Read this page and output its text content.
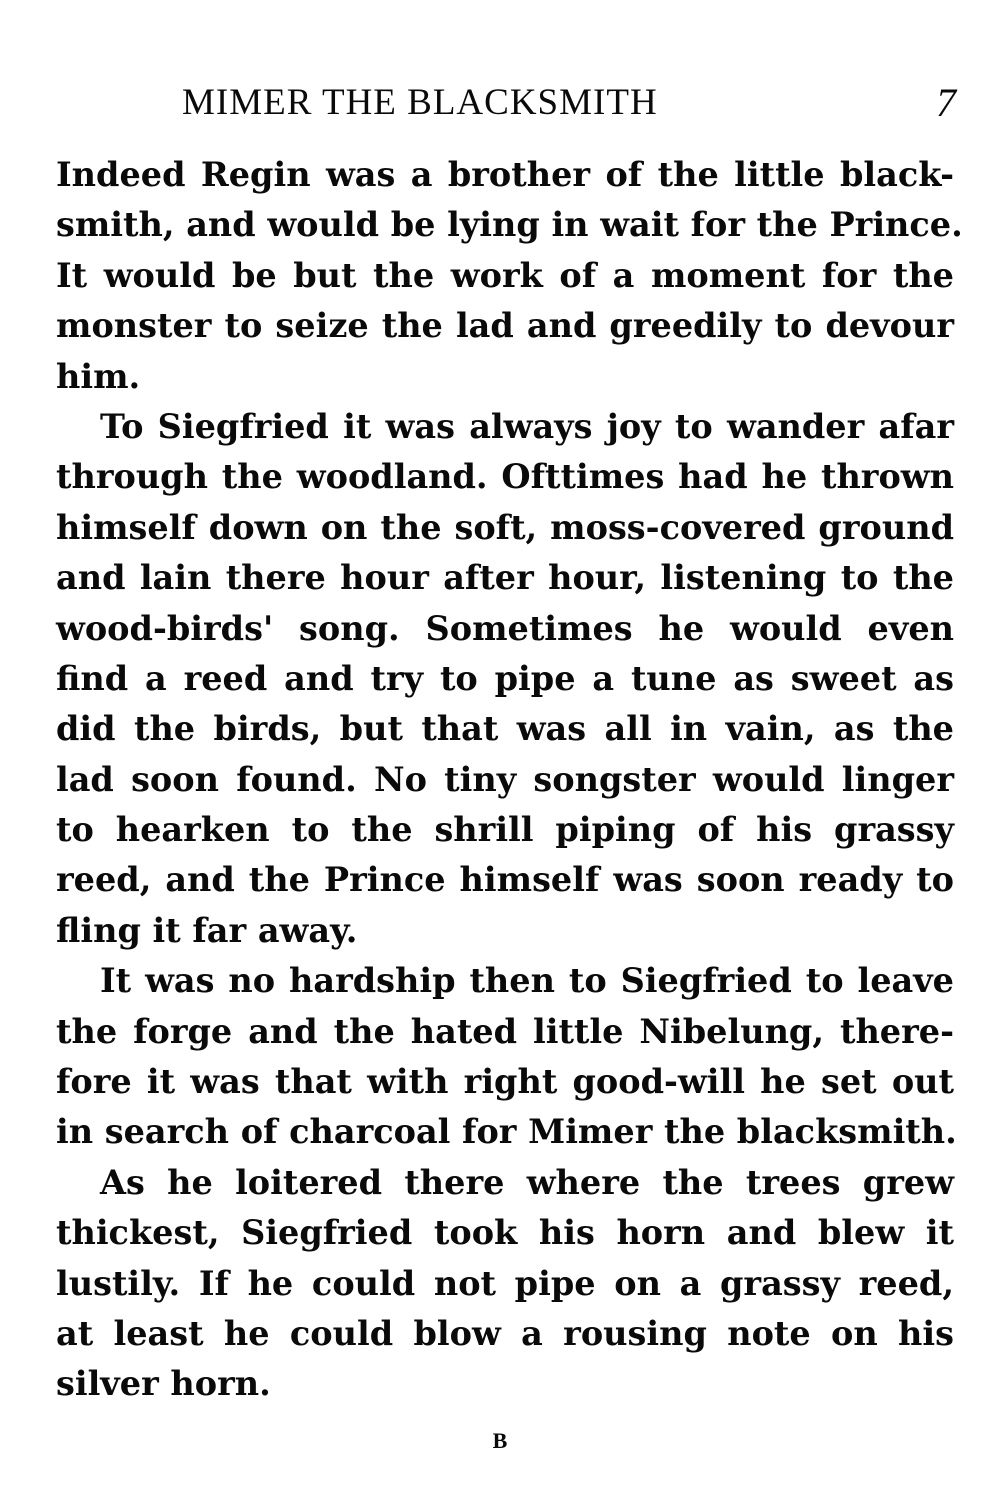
MIMER THE BLACKSMITH	7

Indeed Regin was a brother of the little black-
smith, and would be lying in wait for the Prince.
It would be but the work of a moment for the
monster to seize the lad and greedily to devour
him.

To Siegfried it was always joy to wander afar
through the woodland. Ofttimes had he thrown
himself down on the soft, moss-covered ground
and lain there hour after hour, listening to the
wood-birds' song. Sometimes he would even
find a reed and try to pipe a tune as sweet as
did the birds, but that was all in vain, as the
lad soon found. No tiny songster would linger
to hearken to the shrill piping of his grassy
reed, and the Prince himself was soon ready to
fling it far away.

It was no hardship then to Siegfried to leave
the forge and the hated little Nibelung, there-
fore it was that with right good-will he set out
in search of charcoal for Mimer the blacksmith.

As he loitered there where the trees grew
thickest, Siegfried took his horn and blew it
lustily. If he could not pipe on a grassy reed,
at least he could blow a rousing note on his
silver horn.

B
